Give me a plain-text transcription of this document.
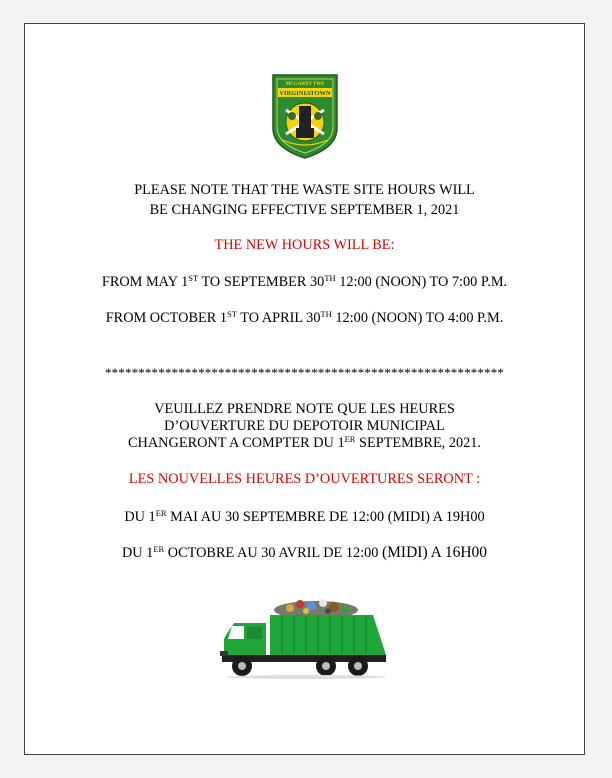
MCGARRY TWP
VIRGINIATOWN
PLEASE NOTE THAT THE WASTE SITE HOURS WILL
BE CHANGING EFFECTIVE SEPTEMBER 1, 2021
THE NEW HOURS WILL BE:
FROM MAY 1ST TO SEPTEMBER 30TH 12:00 (NOON) TO 7:00 P.M.
FROM OCTOBER 1ST TO APRIL 30TH 12:00 (NOON) TO 4:00 P.M.
************************************************************
VEUILLEZ PRENDRE NOTE QUE LES HEURES
D’OUVERTURE DU DEPOTOIR MUNICIPAL
CHANGERONT A COMPTER DU 1ER SEPTEMBRE, 2021.
LES NOUVELLES HEURES D’OUVERTURES SERONT :
DU 1ER MAI AU 30 SEPTEMBRE DE 12:00 (MIDI) A 19H00
DU 1ER OCTOBRE AU 30 AVRIL DE 12:00 (MIDI) A 16H00
